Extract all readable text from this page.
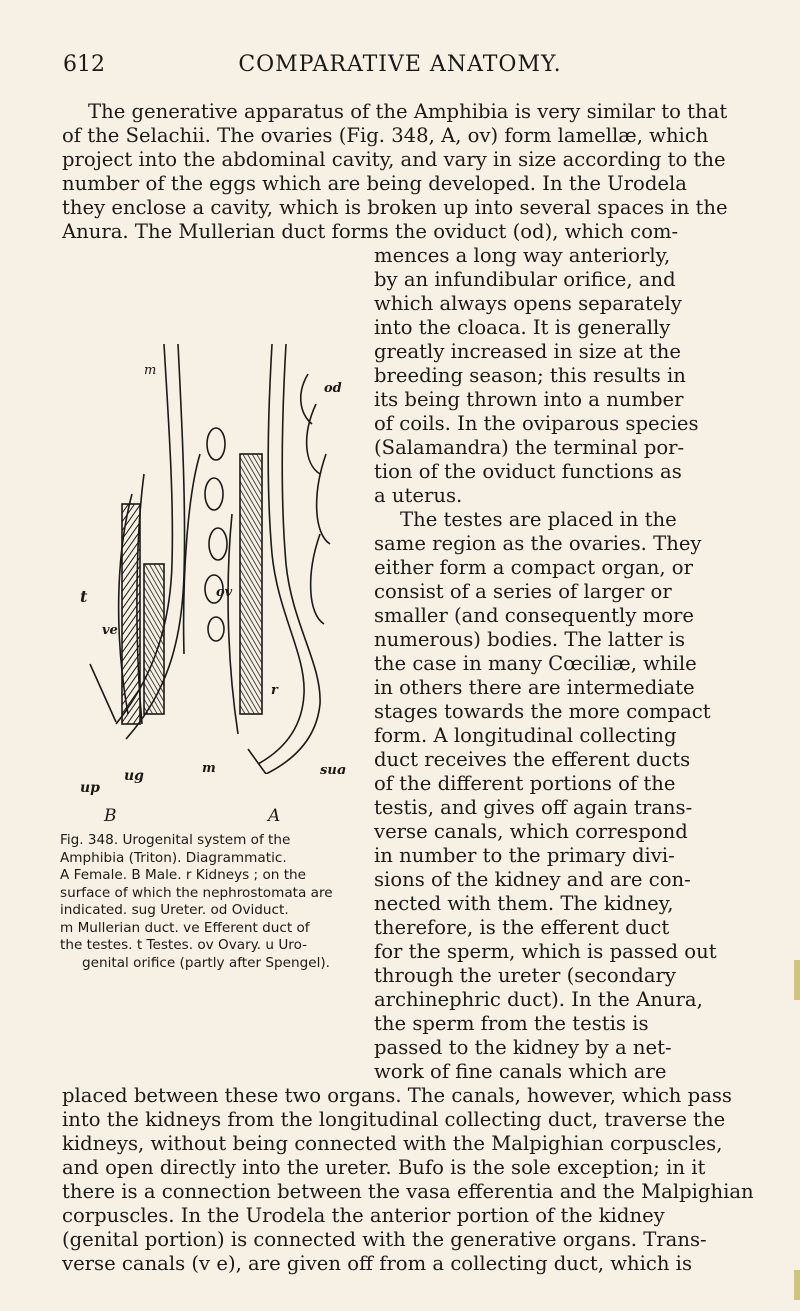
612	COMPARATIVE ANATOMY.
The generative apparatus of the Amphibia is very similar to that
of the Selachii. The ovaries (Fig. 348, A, ov) form lamellæ, which
project into the abdominal cavity, and vary in size according to the
number of the eggs which are being developed. In the Urodela
they enclose a cavity, which is broken up into several spaces in the
Anura. The Mullerian duct forms the oviduct (od), which com-
mences a long way anteriorly,
by an infundibular orifice, and
which always opens separately
into the cloaca. It is generally
greatly increased in size at the
breeding season; this results in
its being thrown into a number
of coils. In the oviparous species
(Salamandra) the terminal por-
tion of the oviduct functions as
a uterus.
The testes are placed in the
same region as the ovaries. They
either form a compact organ, or
consist of a series of larger or
smaller (and consequently more
numerous) bodies. The latter is
the case in many Cœciliæ, while
in others there are intermediate
stages towards the more compact
form. A longitudinal collecting
duct receives the efferent ducts
of the different portions of the
testis, and gives off again trans-
verse canals, which correspond
in number to the primary divi-
sions of the kidney and are con-
nected with them. The kidney,
therefore, is the efferent duct
for the sperm, which is passed out
through the ureter (secondary
archinephric duct). In the Anura,
the sperm from the testis is
passed to the kidney by a net-
work of fine canals which are
placed between these two organs. The canals, however, which pass
into the kidneys from the longitudinal collecting duct, traverse the
kidneys, without being connected with the Malpighian corpuscles,
and open directly into the ureter. Bufo is the sole exception; in it
there is a connection between the vasa efferentia and the Malpighian
corpuscles. In the Urodela the anterior portion of the kidney
(genital portion) is connected with the generative organs. Trans-
verse canals (v e), are given off from a collecting duct, which is
m
od
ov
t
ve
r
sug
m
ug
up
B	A
Fig. 348. Urogenital system of the
Amphibia (Triton). Diagrammatic.
A Female. B Male. r Kidneys ; on the
surface of which the nephrostomata are
indicated. sug Ureter. od Oviduct.
m Mullerian duct. ve Efferent duct of
the testes. t Testes. ov Ovary. u Uro-
genital orifice (partly after Spengel).
